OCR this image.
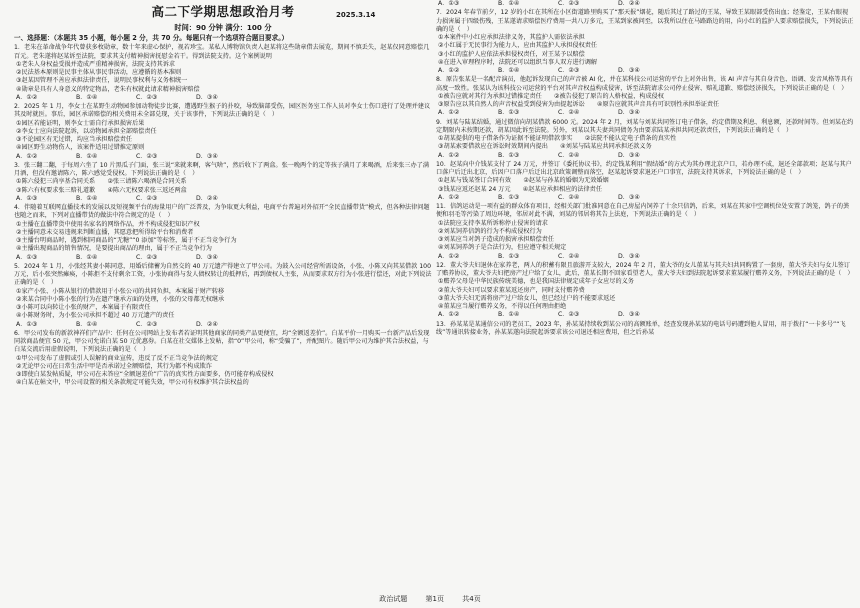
高二下学期思想政治月考	2025.3.14
时间：90 分钟 满分：100 分
一、选择题：（本题共 35 小题，每小题 2 分，共 70 分。每题只有一个选项符合题目要求。）

1．老朱在革命战争年代曾获多枚勋章，数十年来虚心保护，视若珍宝。某私人博物馆负责人赵某将这些勋章借去展览，期间不慎丢失，赵某仅同意赔偿几百元。老朱遂将赵某诉至法院，要求其支付精神损害抚慰金若干。得到法院支持。这个案例说明

①老朱人身权益受损并造成严重精神损害，法院支持其诉求
②民法基本原则是民事主体从事民事活动，应遵循的基本准则
③赵某因管理不善应承担法律责任，说明民事权利与义务相统一
④勋章是具有人身意义的特定物品，老朱有权就此请求精神损害赔偿
A．①②	B．①④	C．②③	D．③④

2．2025 年 1 月，李女士在某野生动物园参加动物徒步比赛，遭遇野生猴子的扑咬，导致脑部受伤，园区医务室工作人员对李女士伤口进行了处理并建议其及时就医。事后，园区承诺赔偿的相关费用未全部兑现，关于该事件，下列说法正确的是（　）

①园区若能证明，则李女士需自行承担损害后果
②李女士应向法院起诉，以动物园承担全部赔偿责任
③不论园区有无过错，均应当承担赔偿责任
④园区野生动物伤人，该案件适用过错推定原则
A．①②	B．①④	C．②③	D．③④

3．张三翻二翻，于每周六坐了 10 片黑瓜子门面，张三说“来就来啊，客气啥”，然后收下了两盒。张一晚两个的定等孩子满月了来喝酒，后来张三办了满月酒，但没有邀请陈六，陈六感觉受侵权。下列说法正确的是（　）

①陈六侵犯三尚享基合同关系　　②张三请陈六喝酒是合同关系
③陈六有权要求张三赔礼道歉　　④陈六无权要求张三返还两盒
A．①③	B．①④	C．②③	D．②④

4．伴随着互联网直播技术的发展以及短视频平台的海量用户的广泛普及，为争取更大利益，电商平台普遍对外招开“全民直播带货”模式，但各种法律问题也随之而来，下列对直播带货的做法中符合规定的是（　）

①主播在直播带货中使用名家名的网络作品，并不构成侵犯知识产权
②主播同意未交易违规来判断直播，其愿意把所得给平台和消费者
③主播台明商品时，遇到相同商品的“无糖”“0 添加”等标签，属于不正当竞争行为
④主播出现商品的销售情况，是要提出商品的理由，属于不正当竞争行为
A．①③	B．①④	C．②③	D．③④

5．2024 年 1 月，小张经其妻小陈同意，用婚后储蓄为自然交的 40 万元遗产得建立了甲公司。为鼓入公司经营所需设备，小张、小陈又向其某借款 100 万元，后小张突然瘫痪，小陈拒不支付剩余工资，小张协商得与发人债权转让的抵押后，再到债权人主张，从而要求双方行为小张进行偿还，对此下列说法正确的是（　）

①家产小张、小陈从银行的借款用于小张公司的共同负担，本案属于财产转移
②来某合同中小陈小张的行为在遗产继承方面的处理，小张的父母都无权继承
③小陈可以向转让小张的财产，本案属于有限责任
④小陈财务时，为小张公司承担不超过 40 万元遗产的责任
A．①③	B．①④	C．②③	D．②④

6．甲公司发布的新款神祥们产品中：任何在公司网站上发布者若证明其他商家的同类产品更便宜，均“全额返差价”。白某平价一月购买一台新产品后发现同款商品便宜 50 元，甲公司允诺白某 50 元优惠券。白某在社交媒体上发帖，指“0”甲公司，称“受骗了”，并配图片。随后甲公司为维护其合法权益，与白某交流后用虚假说明，下列说法正确的是（　）

①甲公司发布了虚假或引人误解的商业宣传，违反了反不正当竞争法的规定
②无论甲公司在日常生活中甲是否承诺过全额赔偿，其行为都不构成欺诈
③即使白某发帖质疑，甲公司在未答应“全额退差价”广告的真实性方面要多，仍可能存构成侵权
④白某在帖文中，甲公司设置的相关条款规定可能失效，甲公司有权维护其合法权益的
A．①③	B．①④	C．②③	D．②④

7．2024 年春节前夕，12 岁的小红在其所在小区街道路里购买了“那天报”烟花，随后其过了路过的王某，导致王某眼部受伤出血；经鉴定，王某右眼视力损害属于四级伤残，王某遂请求赔偿医疗费用一共八万多元，王某到家被问至，以我所以住在马路路边的用，向小红的监护人要求赔偿损失，下列说法正确的是（　）

①本案件中小红应承担法律义务，其监护人需依法承担
②小红属于无民事行为能力人，应由其监护人承担侵权责任
③小红的监护人应依法承担侵权责任，对王某予以赔偿
④在进入审理程序时，法院还可以组织当事人双方进行调解
A．①②	B．①④	C．②③	D．③④

8．原告张某是一名配音演员，他起诉发现自己的声音被 AI 化，并在某科技公司运营的平台上对外出售，该 AI 声音与其自身音色、语调、发音风格等具有高度一致性。张某认为该科技公司运营的平台对其声音权益构成侵害，诉至法院请求公司停止侵害、赔礼道歉、赔偿经济损失，下列说法正确的是（　）

①被告应就对其行为承担过错推定责任　　②被告侵犯了原告的人格权益，构成侵权
③原告应以其自然人的声音权益受到侵害为由提起诉讼　　④原告应就其声音具有可识别性承担举证责任
A．①②	B．①③	C．②④	D．③④

9．刘某与陆某结婚，通过微信向胡某借款 6000 元。2024 年 2 月，刘某与刘某共同签订电子借条，约定借期及利息、利息额，还款时间等。但刘某在约定期限内未按期还款，胡某因此诉至法院。另外，刘某以其夫妻共同债务为由要求陆某承担共同还款责任，下列说法正确的是（　）

①胡某提供的电子借条作为证据不能证明借款事实　　②法院不能认定电子借条的真实性
③胡某索要借款应在诉讼时效期间内提出　　④刘某与陆某应共同承担还款义务
A．①②	B．①③	C．②④	D．③④

10．赵某向中介钱某支付了 24 万元，并签订《委托协议书》，约定钱某利用“假结婚”的方式为其办理北京户口，若办理不成，退还全部款项；赵某与其户口落户后迁出北京，后因户口落户后迁出北京政策调整而落空，赵某起诉要求退还户口事宜，法院支持其诉求，下列说法正确的是（　）

①赵某与钱某签订合同有效　　②赵某与孙某的婚姻为无效婚姻
③钱某应返还赵某 24 万元　　④赵某应承担相应的法律责任
A．①②	B．①③	C．②④	D．③④

11．信鸽运动是一项有益的群众体育项目，经相关部门批准同意在自己房屋内饲养了十余只信鸽，后来，刘某在其家中空调机位处安置了鸽笼，鸽子的粪便和羽毛等污染了周边环境，邻居对此不满，刘某的邻居将其告上法庭，下列说法正确的是（　）

①法院应支持李某所诉称停止侵害的请求
②刘某饲养信鸽的行为不构成侵权行为
③刘某应当对鸽子造成的损害承担赔偿责任
④刘某饲养鸽子是合法行为，但应遵守相关规定
A．①②	B．①③	C．②④	D．③④

12．董大爷夫妇退休在家养老，两人的积蓄有限且旅游开支较大，2024 年 2 月，董大爷的女儿董某与其夫妇共同购置了一套房，董大爷夫妇与女儿签订了赡养协议，董大爷夫妇把房产过户给了女儿，此后，董某长期不回家看望老人，董大爷夫妇到法院起诉要求董某履行赡养义务，下列说法正确的是（　）

①赡养父母是中华民族传统美德，也是我国法律规定成年子女应尽的义务
②董大爷夫妇可以要求董某返还房产，同时支付赡养费
③董大爷夫妇无需将房产过户给女儿，但已经过户的不能要求返还
④董某应当履行赡养义务，不得以任何理由拒绝
A．①②	B．①④	C．②③	D．③④

13．孙某某是某通信公司的老员工，2023 年，孙某某持续收到某公司的高额账单，经查发现孙某某的电话号码遭到他人冒用，用于拨打“一卡多号”“飞线”等通讯转接业务，孙某某遂向法院起诉要求该公司退还相应费用，但之后孙某

政治试题	第1页	共4页
